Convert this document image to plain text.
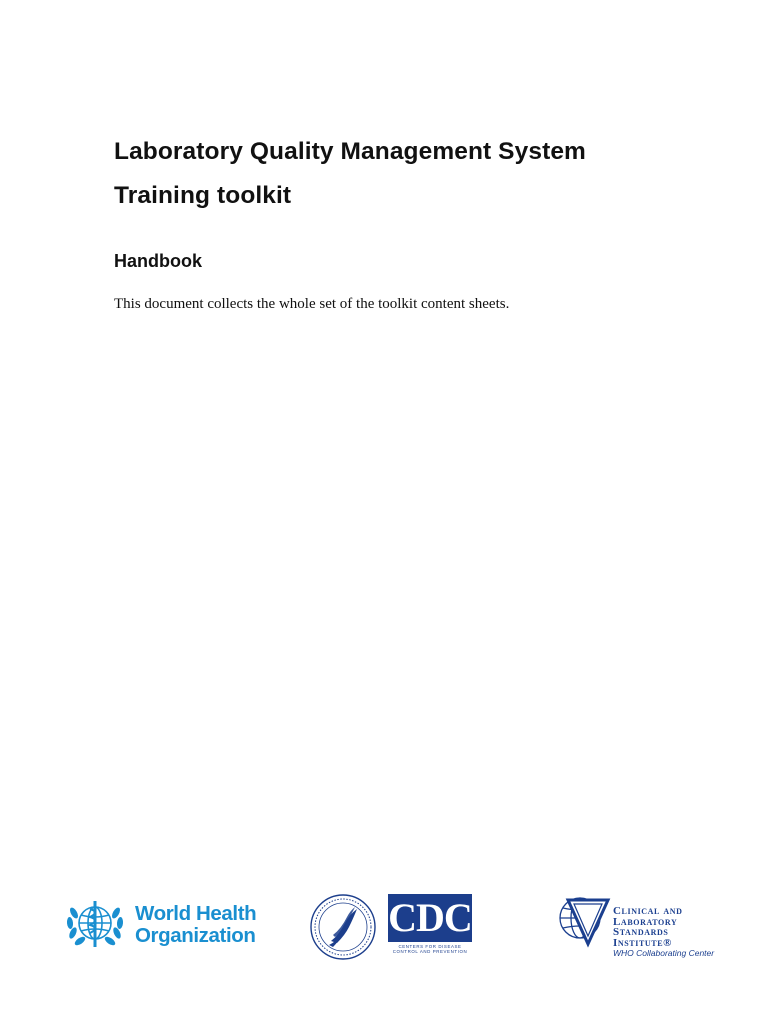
Laboratory Quality Management System
Training toolkit
Handbook

This document collects the whole set of the toolkit content sheets.

World Health
Organization	CDC
CENTERS FOR DISEASE
CONTROL AND PREVENTION
Clinical and
Laboratory
Standards
Institute®
WHO Collaborating Center
